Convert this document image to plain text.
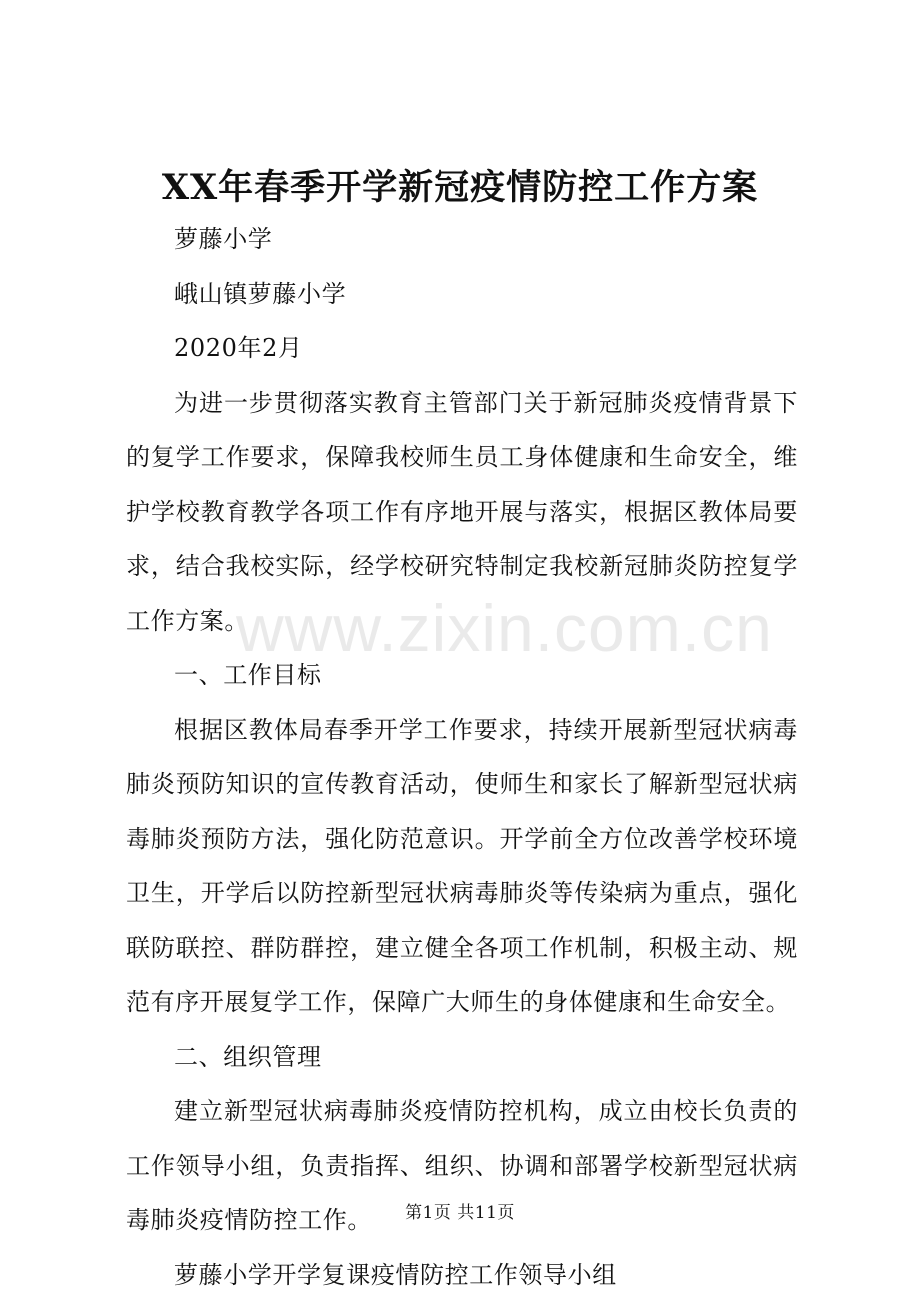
XX年春季开学新冠疫情防控工作方案

萝藤小学

峨山镇萝藤小学

2020年2月

为进一步贯彻落实教育主管部门关于新冠肺炎疫情背景下的复学工作要求，保障我校师生员工身体健康和生命安全，维护学校教育教学各项工作有序地开展与落实，根据区教体局要求，结合我校实际，经学校研究特制定我校新冠肺炎防控复学工作方案。

一、工作目标

根据区教体局春季开学工作要求，持续开展新型冠状病毒肺炎预防知识的宣传教育活动，使师生和家长了解新型冠状病毒肺炎预防方法，强化防范意识。开学前全方位改善学校环境卫生，开学后以防控新型冠状病毒肺炎等传染病为重点，强化联防联控、群防群控，建立健全各项工作机制，积极主动、规范有序开展复学工作，保障广大师生的身体健康和生命安全。

二、组织管理

建立新型冠状病毒肺炎疫情防控机构，成立由校长负责的工作领导小组，负责指挥、组织、协调和部署学校新型冠状病毒肺炎疫情防控工作。

萝藤小学开学复课疫情防控工作领导小组

www.zixin.com.cn
第1页 共11页
